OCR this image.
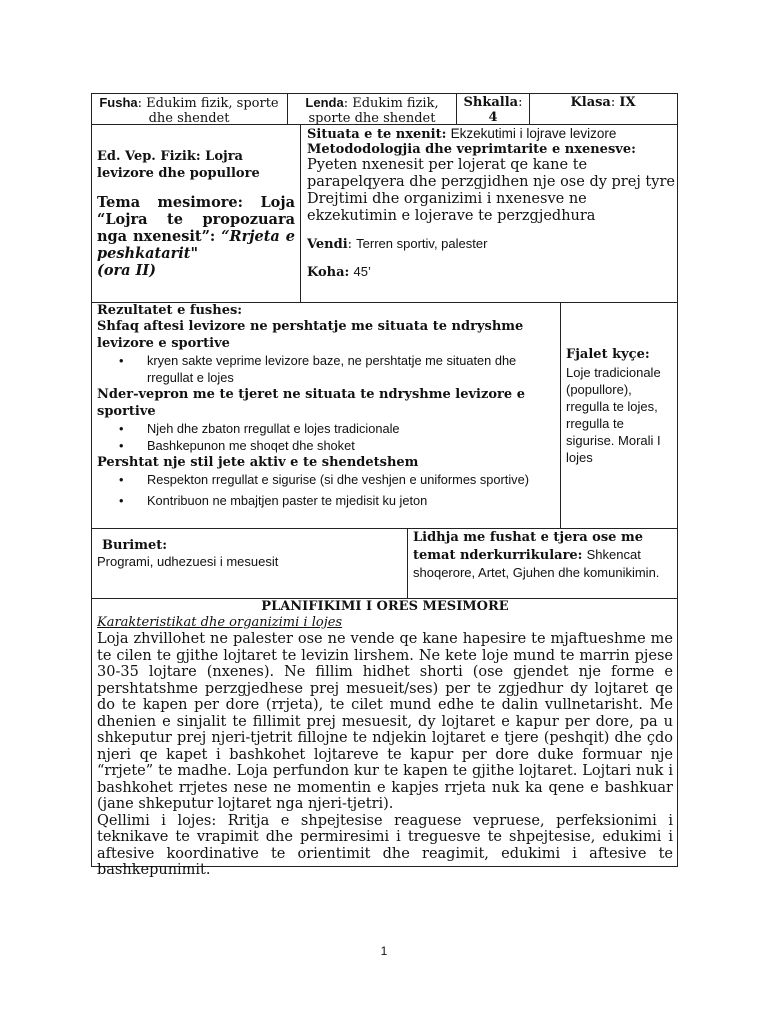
Fusha: Edukim fizik, sporte dhe shendet
Lenda: Edukim fizik, sporte dhe shendet
Shkalla:
4
Klasa: IX
Ed. Vep. Fizik: Lojra levizore dhe popullore
Tema mesimore: Loja
“Lojra te propozuara nga nxenesit”: “Rrjeta e peshkatarit"
(ora II)
Situata e te nxenit: Ekzekutimi i lojrave levizore
Metododologjia dhe veprimtarite e nxenesve:
Pyeten nxenesit per lojerat qe kane te parapelqyera dhe perzgjidhen nje ose dy prej tyre Drejtimi dhe organizimi i nxenesve ne ekzekutimin e lojerave te perzgjedhura
Vendi: Terren sportiv, palester
Koha: 45’
Rezultatet e fushes:
Shfaq aftesi levizore ne pershtatje me situata te ndryshme levizore e sportive
• kryen sakte veprime levizore baze, ne pershtatje me situaten dhe rregullat e lojes
Nder-vepron me te tjeret ne situata te ndryshme levizore e sportive
• Njeh dhe zbaton rregullat e lojes tradicionale
• Bashkepunon me shoqet dhe shoket
Pershtat nje stil jete aktiv e te shendetshem
• Respekton rregullat e sigurise (si dhe veshjen e uniformes sportive)
• Kontribuon ne mbajtjen paster te mjedisit ku jeton
Fjalet kyçe:
Loje tradicionale (popullore), rregulla te lojes, rregulla te sigurise. Morali I lojes
Burimet:
Programi, udhezuesi i mesuesit
Lidhja me fushat e tjera ose me temat nderkurrikulare: Shkencat shoqerore, Artet, Gjuhen dhe komunikimin.
PLANIFIKIMI I ORES MESIMORE
Karakteristikat dhe organizimi i lojes
Loja zhvillohet ne palester ose ne vende qe kane hapesire te mjaftueshme me te cilen te gjithe lojtaret te levizin lirshem. Ne kete loje mund te marrin pjese 30-35 lojtare (nxenes). Ne fillim hidhet shorti (ose gjendet nje forme e pershtatshme perzgjedhese prej mesueit/ses) per te zgjedhur dy lojtaret qe do te kapen per dore (rrjeta), te cilet mund edhe te dalin vullnetarisht. Me dhenien e sinjalit te fillimit prej mesuesit, dy lojtaret e kapur per dore, pa u shkeputur prej njeri-tjetrit fillojne te ndjekin lojtaret e tjere (peshqit) dhe çdo njeri qe kapet i bashkohet lojtareve te kapur per dore duke formuar nje “rrjete” te madhe. Loja perfundon kur te kapen te gjithe lojtaret. Lojtari nuk i bashkohet rrjetes nese ne momentin e kapjes rrjeta nuk ka qene e bashkuar (jane shkeputur lojtaret nga njeri-tjetri).
Qellimi i lojes: Rritja e shpejtesise reaguese vepruese, perfeksionimi i teknikave te vrapimit dhe permiresimi i treguesve te shpejtesise, edukimi i aftesive koordinative te orientimit dhe reagimit, edukimi i aftesive te bashkepunimit.
1
